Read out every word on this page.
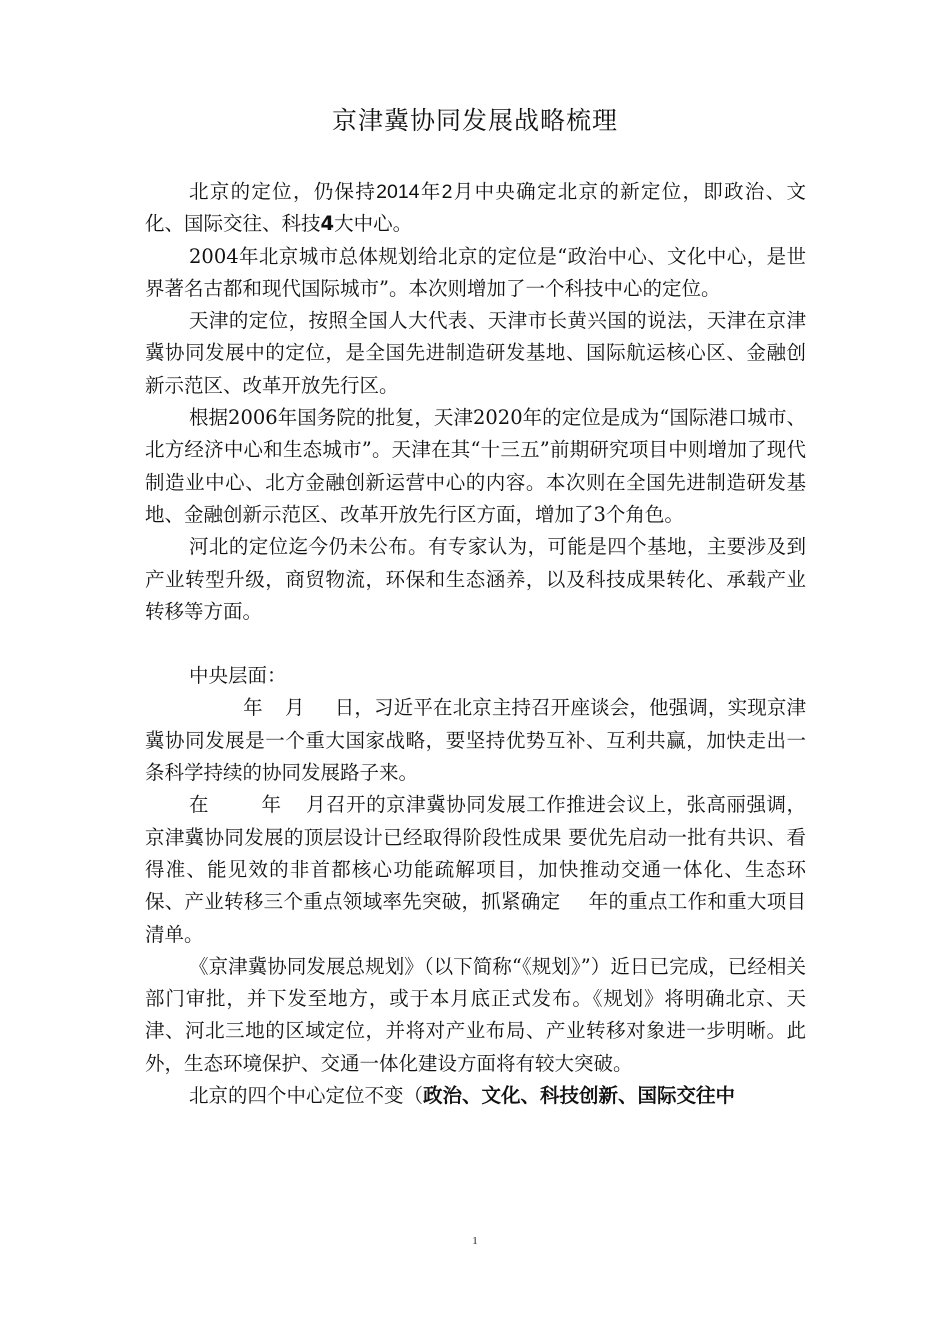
京津冀协同发展战略梳理

北京的定位，仍保持2014年2月中央确定北京的新定位，即政治、文化、国际交往、科技4大中心。

2004年北京城市总体规划给北京的定位是“政治中心、文化中心，是世界著名古都和现代国际城市”。本次则增加了一个科技中心的定位。

天津的定位，按照全国人大代表、天津市长黄兴国的说法，天津在京津冀协同发展中的定位，是全国先进制造研发基地、国际航运核心区、金融创新示范区、改革开放先行区。

根据2006年国务院的批复，天津2020年的定位是成为“国际港口城市、北方经济中心和生态城市”。天津在其“十三五”前期研究项目中则增加了现代制造业中心、北方金融创新运营中心的内容。本次则在全国先进制造研发基地、金融创新示范区、改革开放先行区方面，增加了3个角色。

河北的定位迄今仍未公布。有专家认为，可能是四个基地，主要涉及到产业转型升级，商贸物流，环保和生态涵养，以及科技成果转化、承载产业转移等方面。

中央层面：

年 月 日，习近平在北京主持召开座谈会，他强调，实现京津冀协同发展是一个重大国家战略，要坚持优势互补、互利共赢，加快走出一条科学持续的协同发展路子来。

在	年 月召开的京津冀协同发展工作推进会议上，张高丽强调，京津冀协同发展的顶层设计已经取得阶段性成果 要优先启动一批有共识、看得准、能见效的非首都核心功能疏解项目，加快推动交通一体化、生态环保、产业转移三个重点领域率先突破，抓紧确定 年的重点工作和重大项目清单。

《京津冀协同发展总规划》（以下简称“《规划》”）近日已完成，已经相关部门审批，并下发至地方，或于本月底正式发布。《规划》将明确北京、天津、河北三地的区域定位，并将对产业布局、产业转移对象进一步明晰。此外，生态环境保护、交通一体化建设方面将有较大突破。

北京的四个中心定位不变（政治、文化、科技创新、国际交往中

1
